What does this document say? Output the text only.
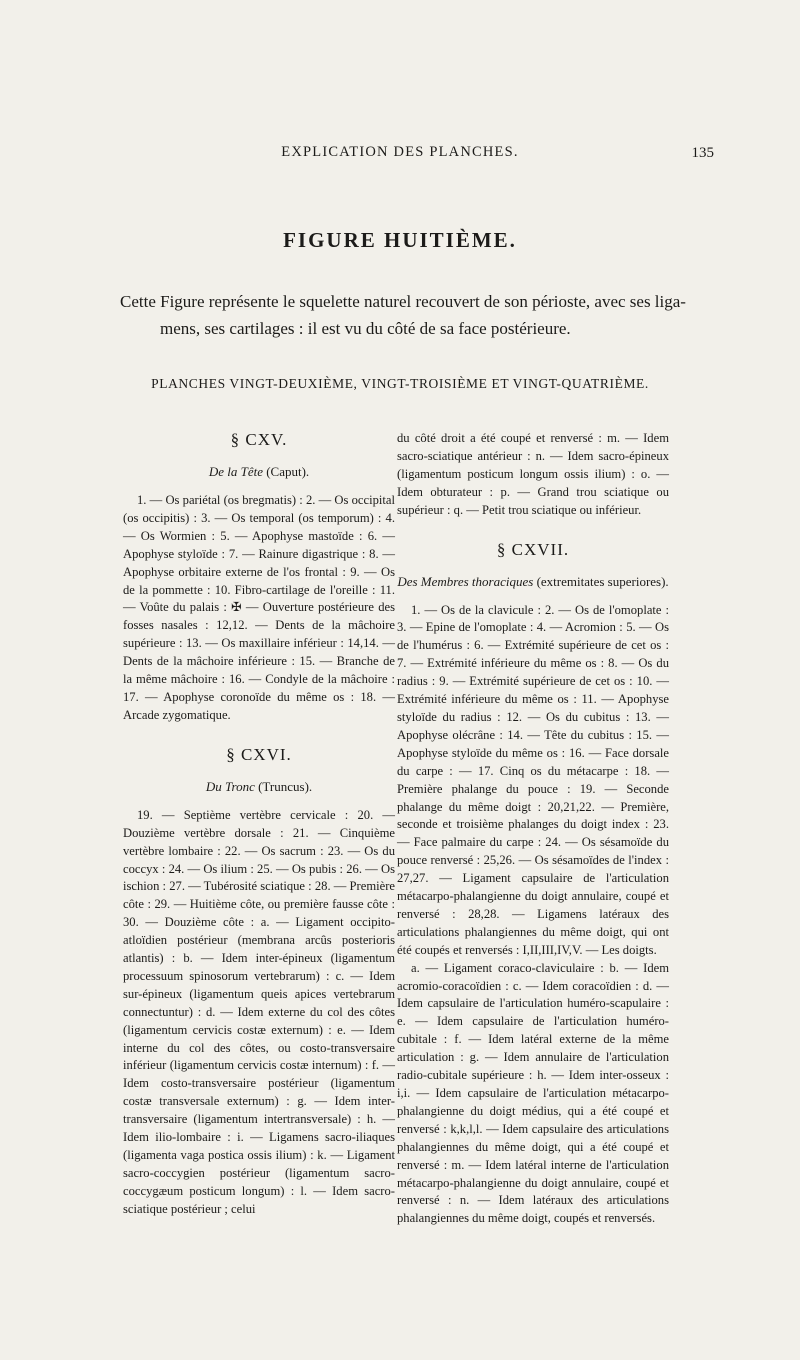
EXPLICATION DES PLANCHES.	135
FIGURE HUITIÈME.
Cette Figure représente le squelette naturel recouvert de son périoste, avec ses liga-
mens, ses cartilages : il est vu du côté de sa face postérieure.
PLANCHES VINGT-DEUXIÈME, VINGT-TROISIÈME ET VINGT-QUATRIÈME.
§ CXV.
De la Tête (Caput).

1. — Os pariétal (os bregmatis) : 2. — Os occipital (os occipitis) : 3. — Os temporal (os temporum) : 4. — Os Wormien : 5. — Apophyse mastoïde : 6. — Apophyse styloïde : 7. — Rainure digastrique : 8. — Apophyse orbitaire externe de l'os frontal : 9. — Os de la pommette : 10. Fibro-cartilage de l'oreille : 11. — Voûte du palais : ✠ — Ouverture postérieure des fosses nasales : 12,12. — Dents de la mâchoire supérieure : 13. — Os maxillaire inférieur : 14,14. — Dents de la mâchoire inférieure : 15. — Branche de la même mâchoire : 16. — Condyle de la mâchoire : 17. — Apophyse coronoïde du même os : 18. — Arcade zygomatique.

§ CXVI.
Du Tronc (Truncus).

19. — Septième vertèbre cervicale : 20. — Douzième vertèbre dorsale : 21. — Cinquième vertèbre lombaire : 22. — Os sacrum : 23. — Os du coccyx : 24. — Os ilium : 25. — Os pubis : 26. — Os ischion : 27. — Tubérosité sciatique : 28. — Première côte : 29. — Huitième côte, ou première fausse côte : 30. — Douzième côte : a. — Ligament occipito-atloïdien postérieur (membrana arcûs posterioris atlantis) : b. — Idem inter-épineux (ligamentum processuum spinosorum vertebrarum) : c. — Idem sur-épineux (ligamentum queis apices vertebrarum connectuntur) : d. — Idem externe du col des côtes (ligamentum cervicis costæ externum) : e. — Idem interne du col des côtes, ou costo-transversaire inférieur (ligamentum cervicis costæ internum) : f. — Idem costo-transversaire postérieur (ligamentum costæ transversale externum) : g. — Idem inter-transversaire (ligamentum intertransversale) : h. — Idem ilio-lombaire : i. — Ligamens sacro-iliaques (ligamenta vaga postica ossis ilium) : k. — Ligament sacro-coccygien postérieur (ligamentum sacro-coccygæum posticum longum) : l. — Idem sacro-sciatique postérieur ; celui

du côté droit a été coupé et renversé : m. — Idem sacro-sciatique antérieur : n. — Idem sacro-épineux (ligamentum posticum longum ossis ilium) : o. — Idem obturateur : p. — Grand trou sciatique ou supérieur : q. — Petit trou sciatique ou inférieur.

§ CXVII.
Des Membres thoraciques (extremitates superiores).

1. — Os de la clavicule : 2. — Os de l'omoplate : 3. — Epine de l'omoplate : 4. — Acromion : 5. — Os de l'humérus : 6. — Extrémité supérieure de cet os : 7. — Extrémité inférieure du même os : 8. — Os du radius : 9. — Extrémité supérieure de cet os : 10. — Extrémité inférieure du même os : 11. — Apophyse styloïde du radius : 12. — Os du cubitus : 13. — Apophyse olécrâne : 14. — Tête du cubitus : 15. — Apophyse styloïde du même os : 16. — Face dorsale du carpe : — 17. Cinq os du métacarpe : 18. — Première phalange du pouce : 19. — Seconde phalange du même doigt : 20,21,22. — Première, seconde et troisième phalanges du doigt index : 23. — Face palmaire du carpe : 24. — Os sésamoïde du pouce renversé : 25,26. — Os sésamoïdes de l'index : 27,27. — Ligament capsulaire de l'articulation métacarpo-phalangienne du doigt annulaire, coupé et renversé : 28,28. — Ligamens latéraux des articulations phalangiennes du même doigt, qui ont été coupés et renversés : I,II,III,IV,V. — Les doigts.

a. — Ligament coraco-claviculaire : b. — Idem acromio-coracoïdien : c. — Idem coracoïdien : d. — Idem capsulaire de l'articulation huméro-scapulaire : e. — Idem capsulaire de l'articulation huméro-cubitale : f. — Idem latéral externe de la même articulation : g. — Idem annulaire de l'articulation radio-cubitale supérieure : h. — Idem inter-osseux : i,i. — Idem capsulaire de l'articulation métacarpo-phalangienne du doigt médius, qui a été coupé et renversé : k,k,l,l. — Idem capsulaire des articulations phalangiennes du même doigt, qui a été coupé et renversé : m. — Idem latéral interne de l'articulation métacarpo-phalangienne du doigt annulaire, coupé et renversé : n. — Idem latéraux des articulations phalangiennes du même doigt, coupés et renversés.
